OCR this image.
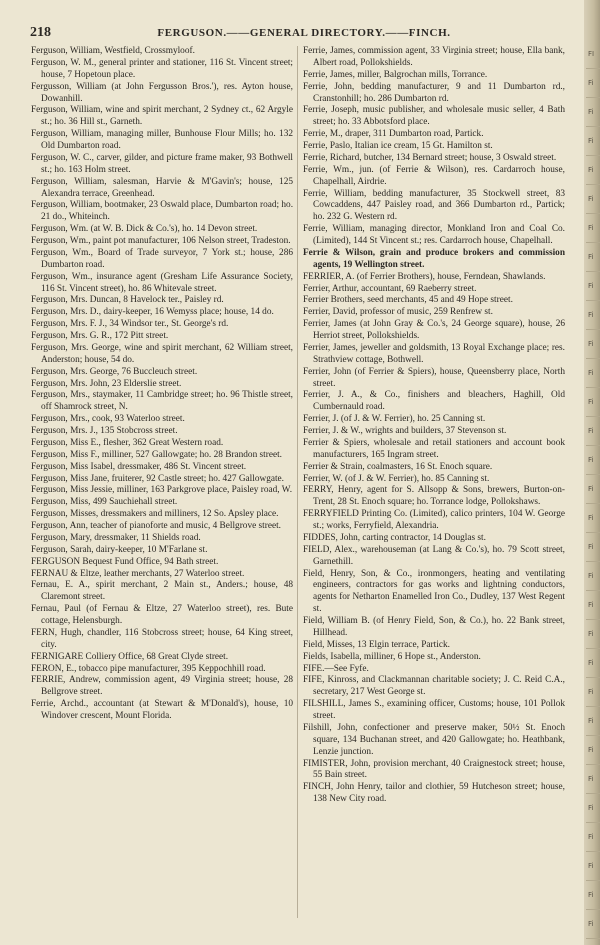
218	FERGUSON.——GENERAL DIRECTORY.——FINCH.

Ferguson, William, Westfield, Crossmyloof.

Ferguson, W. M., general printer and stationer, 116 St. Vincent street; house, 7 Hopetoun place.

Fergusson, William (at John Fergusson Bros.'), res. Ayton house, Dowanhill.

Ferguson, William, wine and spirit merchant, 2 Sydney ct., 62 Argyle st.; ho. 36 Hill st., Garneth.

Ferguson, William, managing miller, Bunhouse Flour Mills; ho. 132 Old Dumbarton road.

Ferguson, W. C., carver, gilder, and picture frame maker, 93 Bothwell st.; ho. 163 Holm street.

Ferguson, William, salesman, Harvie & M'Gavin's; house, 125 Alexandra terrace, Greenhead.

Ferguson, William, bootmaker, 23 Oswald place, Dumbarton road; ho. 21 do., Whiteinch.

Ferguson, Wm. (at W. B. Dick & Co.'s), ho. 14 Devon street.

Ferguson, Wm., paint pot manufacturer, 106 Nelson street, Tradeston.

Ferguson, Wm., Board of Trade surveyor, 7 York st.; house, 286 Dumbarton road.

Ferguson, Wm., insurance agent (Gresham Life Assurance Society, 116 St. Vincent street), ho. 86 Whitevale street.

Ferguson, Mrs. Duncan, 8 Havelock ter., Paisley rd.

Ferguson, Mrs. D., dairy-keeper, 16 Wemyss place; house, 14 do.

Ferguson, Mrs. F. J., 34 Windsor ter., St. George's rd.

Ferguson, Mrs. G. R., 172 Pitt street.

Ferguson, Mrs. George, wine and spirit merchant, 62 William street, Anderston; house, 54 do.

Ferguson, Mrs. George, 76 Buccleuch street.

Ferguson, Mrs. John, 23 Elderslie street.

Ferguson, Mrs., staymaker, 11 Cambridge street; ho. 96 Thistle street, off Shamrock street, N.

Ferguson, Mrs., cook, 93 Waterloo street.

Ferguson, Mrs. J., 135 Stobcross street.

Ferguson, Miss E., flesher, 362 Great Western road.

Ferguson, Miss F., milliner, 527 Gallowgate; ho. 28 Brandon street.

Ferguson, Miss Isabel, dressmaker, 486 St. Vincent street.

Ferguson, Miss Jane, fruiterer, 92 Castle street; ho. 427 Gallowgate.

Ferguson, Miss Jessie, milliner, 163 Parkgrove place, Paisley road, W.

Ferguson, Miss, 499 Sauchiehall street.

Ferguson, Misses, dressmakers and milliners, 12 So. Apsley place.

Ferguson, Ann, teacher of pianoforte and music, 4 Bellgrove street.

Ferguson, Mary, dressmaker, 11 Shields road.

Ferguson, Sarah, dairy-keeper, 10 M'Farlane st.

FERGUSON Bequest Fund Office, 94 Bath street.

FERNAU & Eltze, leather merchants, 27 Waterloo street.

Fernau, E. A., spirit merchant, 2 Main st., Anders.; house, 48 Claremont street.

Fernau, Paul (of Fernau & Eltze, 27 Waterloo street), res. Bute cottage, Helensburgh.

FERN, Hugh, chandler, 116 Stobcross street; house, 64 King street, city.

FERNIGARE Colliery Office, 68 Great Clyde street.

FERON, E., tobacco pipe manufacturer, 395 Keppochhill road.

FERRIE, Andrew, commission agent, 49 Virginia street; house, 28 Bellgrove street.

Ferrie, Archd., accountant (at Stewart & M'Donald's), house, 10 Windover crescent, Mount Florida.

Ferrie, James, commission agent, 33 Virginia street; house, Ella bank, Albert road, Pollokshields.

Ferrie, James, miller, Balgrochan mills, Torrance.

Ferrie, John, bedding manufacturer, 9 and 11 Dumbarton rd., Cranstonhill; ho. 286 Dumbarton rd.

Ferrie, Joseph, music publisher, and wholesale music seller, 4 Bath street; ho. 33 Abbotsford place.

Ferrie, M., draper, 311 Dumbarton road, Partick.

Ferrie, Paslo, Italian ice cream, 15 Gt. Hamilton st.

Ferrie, Richard, butcher, 134 Bernard street; house, 3 Oswald street.

Ferrie, Wm., jun. (of Ferrie & Wilson), res. Cardarroch house, Chapelhall, Airdrie.

Ferrie, William, bedding manufacturer, 35 Stockwell street, 83 Cowcaddens, 447 Paisley road, and 366 Dumbarton rd., Partick; ho. 232 G. Western rd.

Ferrie, William, managing director, Monkland Iron and Coal Co. (Limited), 144 St Vincent st.; res. Cardarroch house, Chapelhall.

Ferrie & Wilson, grain and produce brokers and commission agents, 19 Wellington street.

FERRIER, A. (of Ferrier Brothers), house, Ferndean, Shawlands.

Ferrier, Arthur, accountant, 69 Raeberry street.

Ferrier Brothers, seed merchants, 45 and 49 Hope street.

Ferrier, David, professor of music, 259 Renfrew st.

Ferrier, James (at John Gray & Co.'s, 24 George square), house, 26 Herriot street, Pollokshields.

Ferrier, James, jeweller and goldsmith, 13 Royal Exchange place; res. Strathview cottage, Bothwell.

Ferrier, John (of Ferrier & Spiers), house, Queensberry place, North street.

Ferrier, J. A., & Co., finishers and bleachers, Haghill, Old Cumbernauld road.

Ferrier, J. (of J. & W. Ferrier), ho. 25 Canning st.

Ferrier, J. & W., wrights and builders, 37 Stevenson st.

Ferrier & Spiers, wholesale and retail stationers and account book manufacturers, 165 Ingram street.

Ferrier & Strain, coalmasters, 16 St. Enoch square.

Ferrier, W. (of J. & W. Ferrier), ho. 85 Canning st.

FERRY, Henry, agent for S. Allsopp & Sons, brewers, Burton-on-Trent, 28 St. Enoch square; ho. Torrance lodge, Pollokshaws.

FERRYFIELD Printing Co. (Limited), calico printers, 104 W. George st.; works, Ferryfield, Alexandria.

FIDDES, John, carting contractor, 14 Douglas st.

FIELD, Alex., warehouseman (at Lang & Co.'s), ho. 79 Scott street, Garnethill.

Field, Henry, Son, & Co., ironmongers, heating and ventilating engineers, contractors for gas works and lightning conductors, agents for Netharton Enamelled Iron Co., Dudley, 137 West Regent st.

Field, William B. (of Henry Field, Son, & Co.), ho. 22 Bank street, Hillhead.

Field, Misses, 13 Elgin terrace, Partick.

Fields, Isabella, milliner, 6 Hope st., Anderston.

FIFE.—See Fyfe.

FIFE, Kinross, and Clackmannan charitable society; J. C. Reid C.A., secretary, 217 West George st.

FILSHILL, James S., examining officer, Customs; house, 101 Pollok street.

Filshill, John, confectioner and preserve maker, 50½ St. Enoch square, 134 Buchanan street, and 420 Gallowgate; ho. Heathbank, Lenzie junction.

FIMISTER, John, provision merchant, 40 Craignestock street; house, 55 Bain street.

FINCH, John Henry, tailor and clothier, 59 Hutcheson street; house, 138 New City road.

FI
Fi
Fi
Fi
Fi
Fi
Fi
Fi
Fi
Fi
Fi
Fi
Fi
Fi
Fi
Fi
Fi
Fi
Fi
Fi
Fi
Fi
Fi
Fi
Fi
Fi
Fi
Fi
Fi
Fi
Fi
